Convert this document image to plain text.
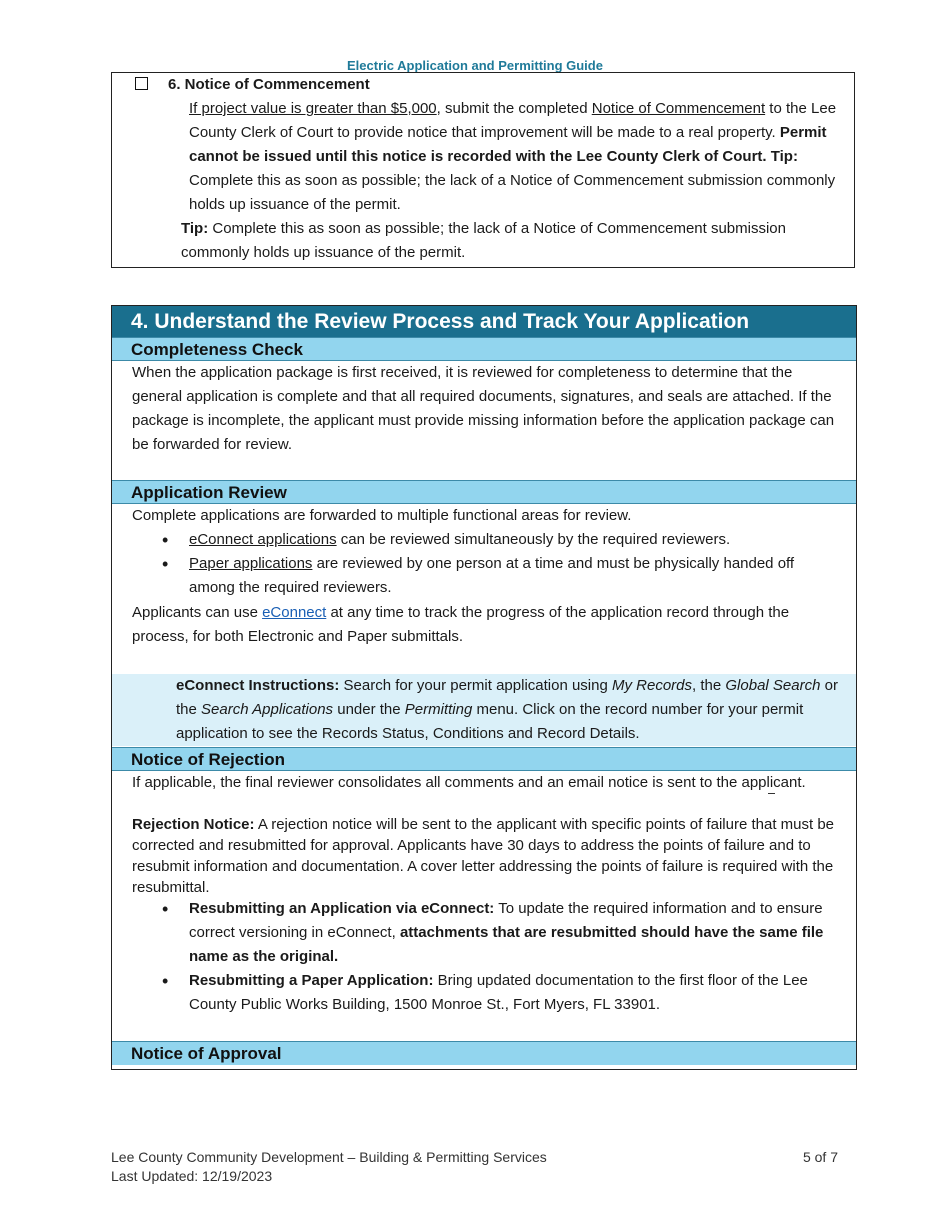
Electric Application and Permitting Guide
6. Notice of Commencement

If project value is greater than $5,000, submit the completed Notice of Commencement to the Lee County Clerk of Court to provide notice that improvement will be made to a real property. Permit cannot be issued until this notice is recorded with the Lee County Clerk of Court. Tip: Complete this as soon as possible; the lack of a Notice of Commencement submission commonly holds up issuance of the permit.

Tip: Complete this as soon as possible; the lack of a Notice of Commencement submission commonly holds up issuance of the permit.

4. Understand the Review Process and Track Your Application
Completeness Check

When the application package is first received, it is reviewed for completeness to determine that the general application is complete and that all required documents, signatures, and seals are attached. If the package is incomplete, the applicant must provide missing information before the application package can be forwarded for review.

Application Review

Complete applications are forwarded to multiple functional areas for review.

• eConnect applications can be reviewed simultaneously by the required reviewers.
• Paper applications are reviewed by one person at a time and must be physically handed off among the required reviewers.

Applicants can use eConnect at any time to track the progress of the application record through the process, for both Electronic and Paper submittals.

eConnect Instructions: Search for your permit application using My Records, the Global Search or the Search Applications under the Permitting menu. Click on the record number for your permit application to see the Records Status, Conditions and Record Details.

Notice of Rejection

If applicable, the final reviewer consolidates all comments and an email notice is sent to the applicant.

Rejection Notice: A rejection notice will be sent to the applicant with specific points of failure that must be corrected and resubmitted for approval. Applicants have 30 days to address the points of failure and to resubmit information and documentation. A cover letter addressing the points of failure is required with the resubmittal.

• Resubmitting an Application via eConnect: To update the required information and to ensure correct versioning in eConnect, attachments that are resubmitted should have the same file name as the original.
• Resubmitting a Paper Application: Bring updated documentation to the first floor of the Lee County Public Works Building, 1500 Monroe St., Fort Myers, FL 33901.
Notice of Approval
Lee County Community Development – Building & Permitting Services
Last Updated: 12/19/2023
5 of 7
